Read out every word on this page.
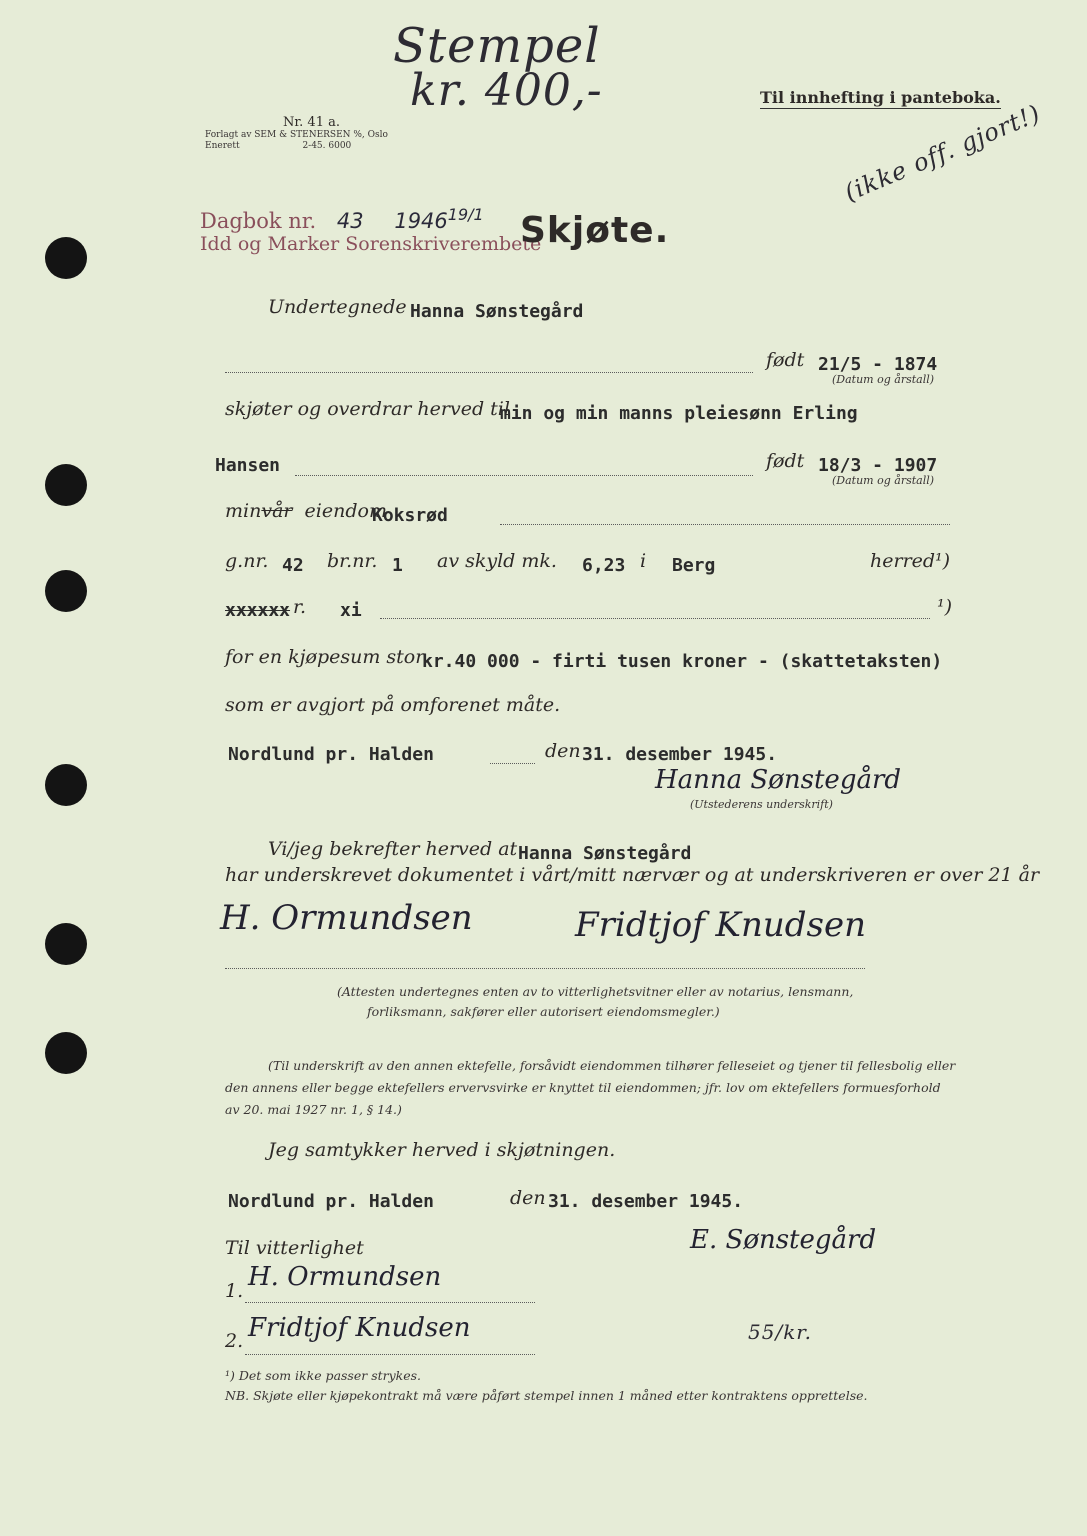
Stempel
kr. 400,-
Nr. 41 a.
Forlagt av SEM & STENERSEN %, Oslo
Enerett	2-45. 6000
Til innhefting i panteboka.
(ikke off. gjort!)
Dagbok nr. 43 $1946^{19/1}$
Idd og Marker Sorenskriverembete
Skjøte.
Undertegnede Hanna Sønstegård
født 21/5 - 1874
(Datum og årstall)
skjøter og overdrar herved til
min og min manns pleiesønn Erling
Hansen	født 18/3 - 1907
(Datum og årstall)
minvår eiendom
Koksrød
g.nr. 42 br.nr. 1 av skyld mk. 6,23 i Berg	herred¹)
xxxxxx r. xi	¹)
for en kjøpesum stor
kr.40 000 - firti tusen kroner - (skattetaksten)
som er avgjort på omforenet måte.
Nordlund pr. Halden	den 31. desember 1945.
Hanna Sønstegård
(Utstederens underskrift)
Vi/jeg bekrefter herved at Hanna Sønstegård
har underskrevet dokumentet i vårt/mitt nærvær og at underskriveren er over 21 år
H. Ormundsen	Fridtjof Knudsen
(Attesten undertegnes enten av to vitterlighetsvitner eller av notarius, lensmann,
forliksmann, sakfører eller autorisert eiendomsmegler.)
(Til underskrift av den annen ektefelle, forsåvidt eiendommen tilhører felleseiet og tjener til fellesbolig eller
den annens eller begge ektefellers ervervsvirke er knyttet til eiendommen; jfr. lov om ektefellers formuesforhold
av 20. mai 1927 nr. 1, § 14.)
Jeg samtykker herved i skjøtningen.
Nordlund pr. Halden	den 31. desember 1945.
E. Sønstegård
Til vitterlighet
1. H. Ormundsen
2. Fridtjof Knudsen	55/kr.
¹) Det som ikke passer strykes.
NB. Skjøte eller kjøpekontrakt må være påført stempel innen 1 måned etter kontraktens opprettelse.
